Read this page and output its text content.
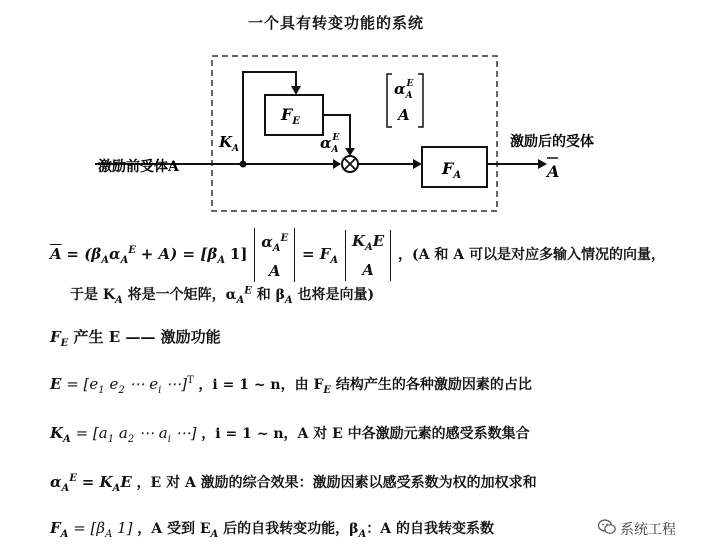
一个具有转变功能的系统
$F_E$
$F_A$
$K_A$	$\alpha_AE$
$\alpha_AE$
A
激励前受体A
激励后的受体
A
$\overline{A} = (\beta_A\alpha_A^E + A) = [\beta_A$ 1] $\alpha_A^E$
$A = F_A$ $K_AE$
A ，(A 和 A 可以是对应多输入情况的向量，
于是 $K_A$ 将是一个矩阵，$\alpha_A^E$ 和 $\beta_A$ 也将是向量)
$F_E$ 产生 E —— 激励功能
$E = [e_1$ $e_2$ ⋯ $e_i$ ⋯]$^T$ ，i = 1 ~ n，由 $F_E$ 结构产生的各种激励因素的占比
$K_A = [a_1$ $a_2$ ⋯ $a_i$ ⋯] ，i = 1 ~ n，A 对 E 中各激励元素的感受系数集合
$\alpha_A^E = K_AE$ ，E 对 A 激励的综合效果：激励因素以感受系数为权的加权求和
$F_A = [\beta_A$ 1] ，A 受到 $E_A$ 后的自我转变功能，$\beta_A$：A 的自我转变系数	系统工程
